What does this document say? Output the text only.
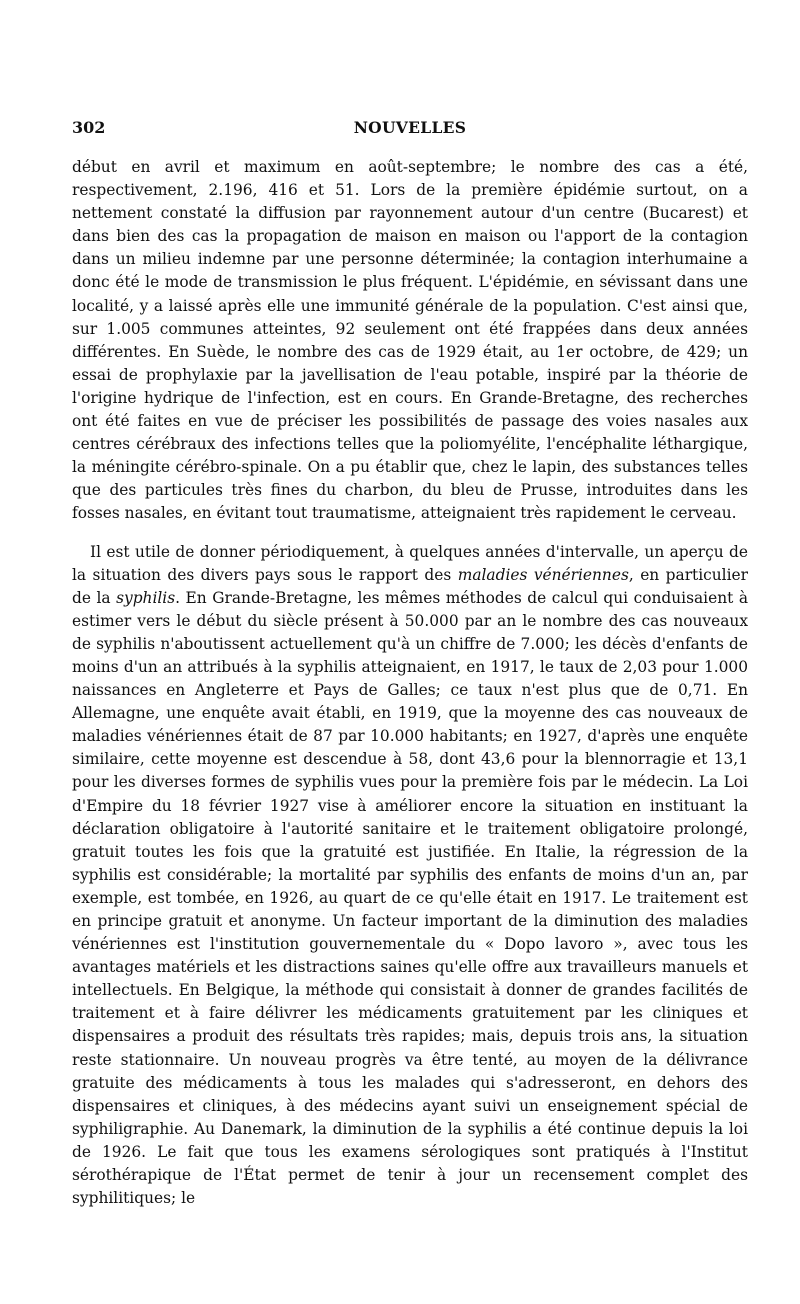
302	NOUVELLES

début en avril et maximum en août-septembre; le nombre des cas a été, respectivement, 2.196, 416 et 51. Lors de la première épidémie surtout, on a nettement constaté la diffusion par rayonnement autour d'un centre (Bucarest) et dans bien des cas la propagation de maison en maison ou l'apport de la contagion dans un milieu indemne par une personne déterminée; la contagion interhumaine a donc été le mode de transmission le plus fréquent. L'épidémie, en sévissant dans une localité, y a laissé après elle une immunité générale de la population. C'est ainsi que, sur 1.005 communes atteintes, 92 seulement ont été frappées dans deux années différentes. En Suède, le nombre des cas de 1929 était, au 1er octobre, de 429; un essai de prophylaxie par la javellisation de l'eau potable, inspiré par la théorie de l'origine hydrique de l'infection, est en cours. En Grande-Bretagne, des recherches ont été faites en vue de préciser les possibilités de passage des voies nasales aux centres cérébraux des infections telles que la poliomyélite, l'encéphalite léthargique, la méningite cérébro-spinale. On a pu établir que, chez le lapin, des substances telles que des particules très fines du charbon, du bleu de Prusse, introduites dans les fosses nasales, en évitant tout traumatisme, atteignaient très rapidement le cerveau.

Il est utile de donner périodiquement, à quelques années d'intervalle, un aperçu de la situation des divers pays sous le rapport des maladies vénériennes, en particulier de la syphilis. En Grande-Bretagne, les mêmes méthodes de calcul qui conduisaient à estimer vers le début du siècle présent à 50.000 par an le nombre des cas nouveaux de syphilis n'aboutissent actuellement qu'à un chiffre de 7.000; les décès d'enfants de moins d'un an attribués à la syphilis atteignaient, en 1917, le taux de 2,03 pour 1.000 naissances en Angleterre et Pays de Galles; ce taux n'est plus que de 0,71. En Allemagne, une enquête avait établi, en 1919, que la moyenne des cas nouveaux de maladies vénériennes était de 87 par 10.000 habitants; en 1927, d'après une enquête similaire, cette moyenne est descendue à 58, dont 43,6 pour la blennorragie et 13,1 pour les diverses formes de syphilis vues pour la première fois par le médecin. La Loi d'Empire du 18 février 1927 vise à améliorer encore la situation en instituant la déclaration obligatoire à l'autorité sanitaire et le traitement obligatoire prolongé, gratuit toutes les fois que la gratuité est justifiée. En Italie, la régression de la syphilis est considérable; la mortalité par syphilis des enfants de moins d'un an, par exemple, est tombée, en 1926, au quart de ce qu'elle était en 1917. Le traitement est en principe gratuit et anonyme. Un facteur important de la diminution des maladies vénériennes est l'institution gouvernementale du « Dopo lavoro », avec tous les avantages matériels et les distractions saines qu'elle offre aux travailleurs manuels et intellectuels. En Belgique, la méthode qui consistait à donner de grandes facilités de traitement et à faire délivrer les médicaments gratuitement par les cliniques et dispensaires a produit des résultats très rapides; mais, depuis trois ans, la situation reste stationnaire. Un nouveau progrès va être tenté, au moyen de la délivrance gratuite des médicaments à tous les malades qui s'adresseront, en dehors des dispensaires et cliniques, à des médecins ayant suivi un enseignement spécial de syphiligraphie. Au Danemark, la diminution de la syphilis a été continue depuis la loi de 1926. Le fait que tous les examens sérologiques sont pratiqués à l'Institut sérothérapique de l'État permet de tenir à jour un recensement complet des syphilitiques; le
